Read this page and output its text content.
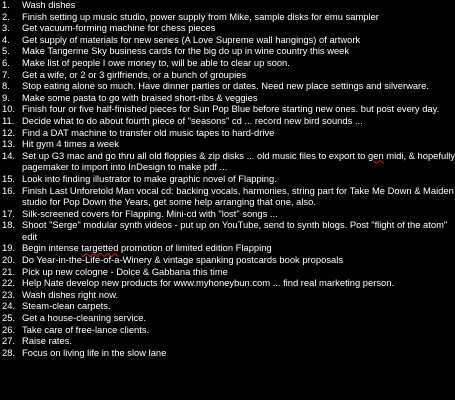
1.	Wash dishes
2.	Finish setting up music studio, power supply from Mike, sample disks for emu sampler
3.	Get vacuum-forming machine for chess pieces
4.	Get supply of materials for new series (A Love Supreme wall hangings) of artwork
5.	Make Tangerine Sky business cards for the big do up in wine country this week
6.	Make list of people I owe money to, will be able to clear up soon.
7.	Get a wife, or 2 or 3 girlfriends, or a bunch of groupies
8.	Stop eating alone so much. Have dinner parties or dates. Need new place settings and silverware.
9.	Make some pasta to go with braised short-ribs & veggies
10. Finish four or five half-finished pieces for Sun Pop Blue before starting new ones. but post every day.
11. Decide what to do about fourth piece of "seasons" cd ... record new bird sounds ...
12. Find a DAT machine to transfer old music tapes to hard-drive
13. Hit gym 4 times a week
14. Set up G3 mac and go thru all old floppies & zip disks ... old music files to export to gen midi, & hopefully
pagemaker to import into InDesign to make pdf ...
15. Look into finding illustrator to make graphic novel of Flapping.
16. Finish Last Unforetold Man vocal cd: backing vocals, harmonies, string part for Take Me Down & Maiden
studio for Pop Down the Years, get some help arranging that one, also.
17. Silk-screened covers for Flapping. Mini-cd with "lost" songs ...
18. Shoot "Serge" modular synth videos - put up on YouTube, send to synth blogs. Post "flight of the atom"
edit
19. Begin intense targetted promotion of limited edition Flapping
20. Do Year-in-the-Life-of-a-Winery & vintage spanking postcards book proposals
21. Pick up new cologne - Dolce & Gabbana this time
22. Help Nate develop new products for www.myhoneybun.com ... find real marketing person.
23. Wash dishes right now.
24. Steam-clean carpets.
25. Get a house-cleaning service.
26. Take care of free-lance clients.
27. Raise rates.
28. Focus on living life in the slow lane
